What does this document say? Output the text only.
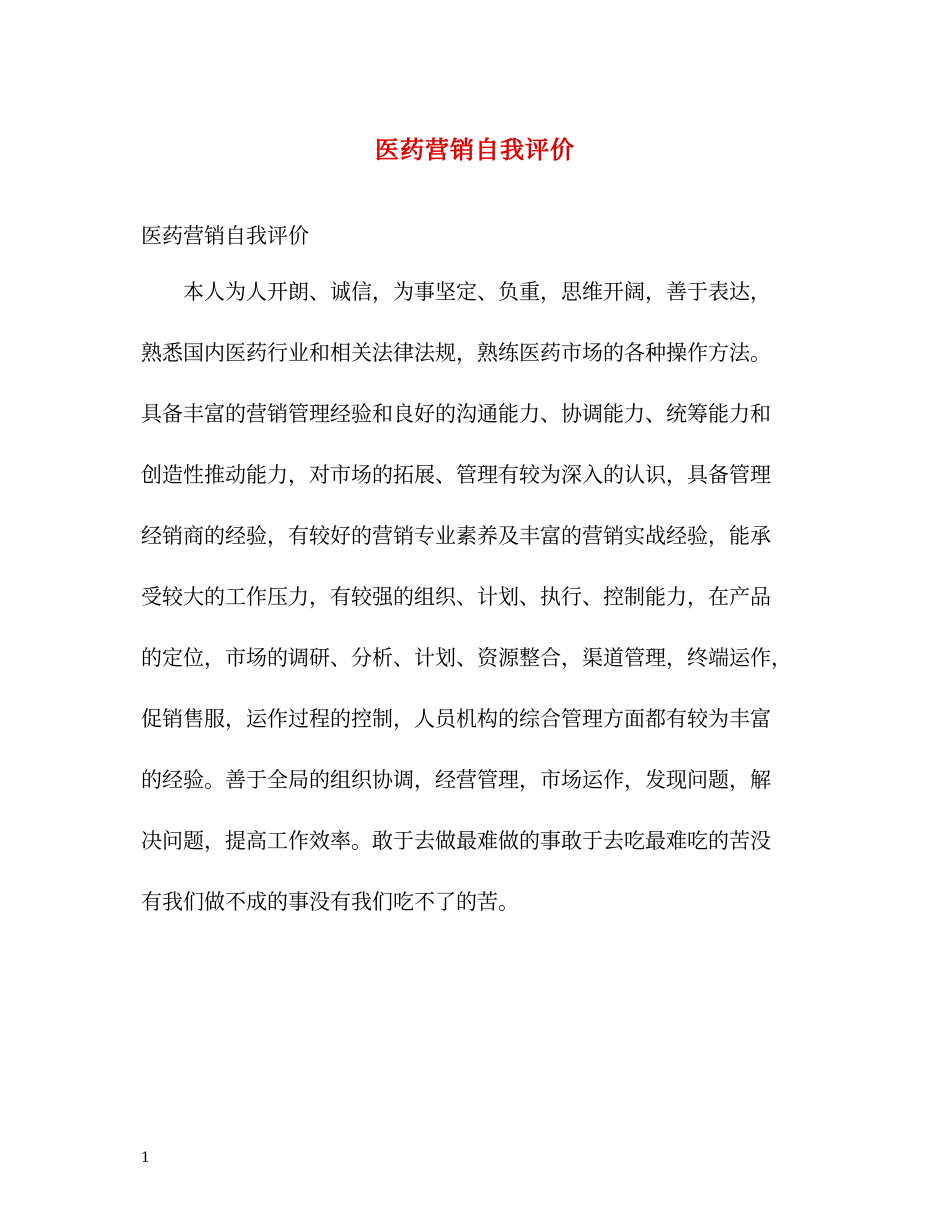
医药营销自我评价

医药营销自我评价

本人为人开朗、诚信，为事坚定、负重，思维开阔，善于表达，
熟悉国内医药行业和相关法律法规，熟练医药市场的各种操作方法。
具备丰富的营销管理经验和良好的沟通能力、协调能力、统筹能力和
创造性推动能力，对市场的拓展、管理有较为深入的认识，具备管理
经销商的经验，有较好的营销专业素养及丰富的营销实战经验，能承
受较大的工作压力，有较强的组织、计划、执行、控制能力，在产品
的定位，市场的调研、分析、计划、资源整合，渠道管理，终端运作，
促销售服，运作过程的控制，人员机构的综合管理方面都有较为丰富
的经验。善于全局的组织协调，经营管理，市场运作，发现问题，解
决问题，提高工作效率。敢于去做最难做的事敢于去吃最难吃的苦没
有我们做不成的事没有我们吃不了的苦。
1
